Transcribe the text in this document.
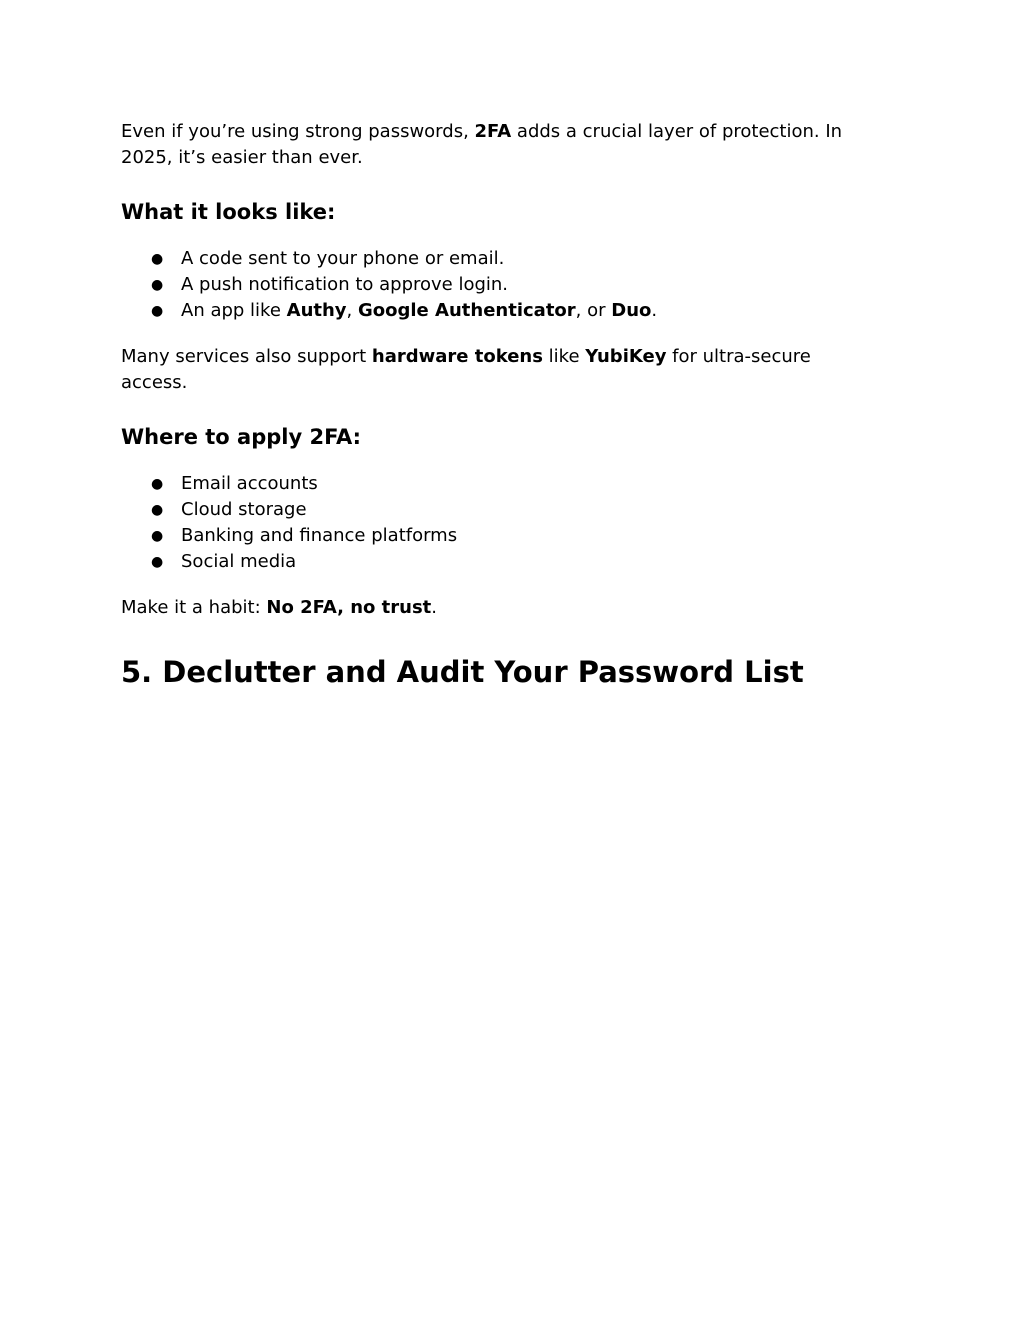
Even if you’re using strong passwords, 2FA adds a crucial layer of protection. In 2025, it’s easier than ever.

What it looks like:
● A code sent to your phone or email.
● A push notification to approve login.
● An app like Authy, Google Authenticator, or Duo.

Many services also support hardware tokens like YubiKey for ultra-secure access.

Where to apply 2FA:
● Email accounts
● Cloud storage
● Banking and finance platforms
● Social media

Make it a habit: No 2FA, no trust.

5. Declutter and Audit Your Password List
